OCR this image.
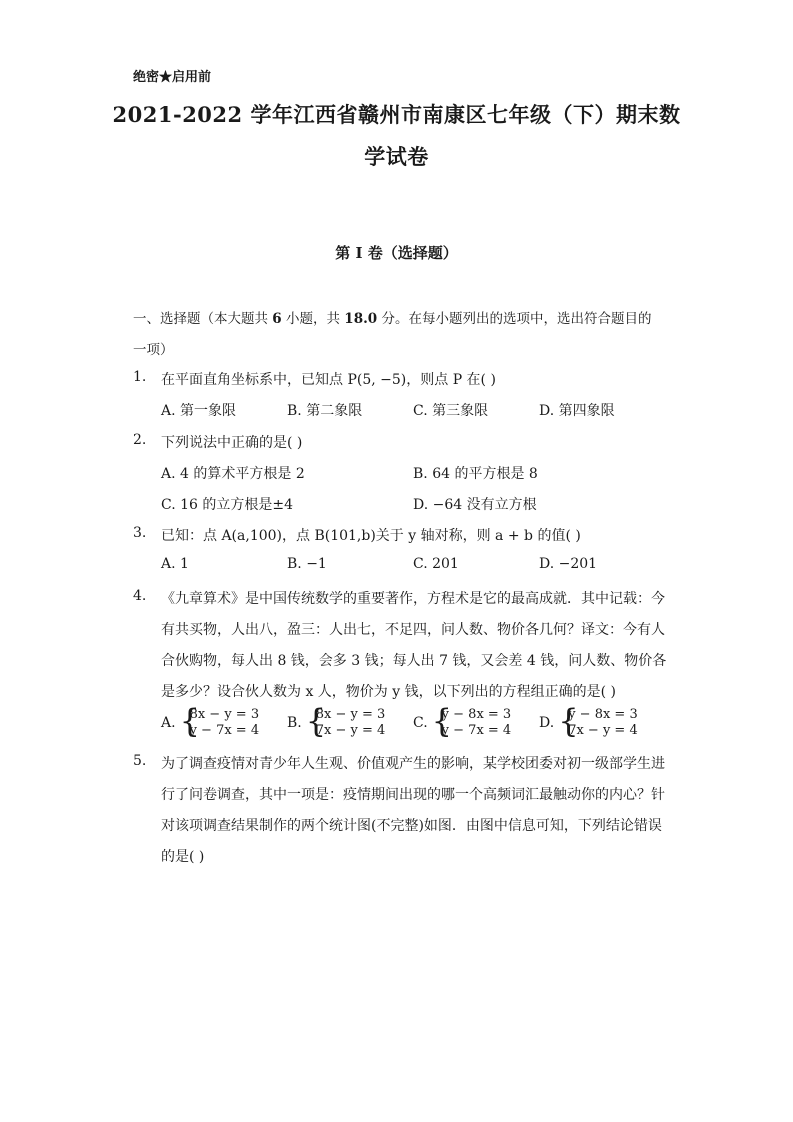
绝密★启用前
2021-2022 学年江西省赣州市南康区七年级（下）期末数
学试卷
第 I 卷（选择题）
一、选择题（本大题共 6 小题，共 18.0 分。在每小题列出的选项中，选出符合题目的
一项）
1. 在平面直角坐标系中，已知点 P(5, −5)，则点 P 在( )
A. 第一象限	B. 第二象限	C. 第三象限	D. 第四象限
2. 下列说法中正确的是( )
A. 4 的算术平方根是 2	B. 64 的平方根是 8
C. 16 的立方根是±4	D. −64 没有立方根
3. 已知：点 A(a,100)，点 B(101,b)关于 y 轴对称，则 a + b 的值( )
A. 1	B. −1	C. 201	D. −201
4. 《九章算术》是中国传统数学的重要著作，方程术是它的最高成就．其中记载：今
有共买物，人出八，盈三：人出七，不足四，问人数、物价各几何？译文：今有人
合伙购物，每人出 8 钱，会多 3 钱；每人出 7 钱，又会差 4 钱，问人数、物价各
是多少？设合伙人数为 x 人，物价为 y 钱，以下列出的方程组正确的是( )
A.
{ 8x − y = 3
y − 7x = 4 B.
{ 8x − y = 3
7x − y = 4 C.
{ y − 8x = 3
y − 7x = 4 D.
{ y − 8x = 3
7x − y = 4
5. 为了调查疫情对青少年人生观、价值观产生的影响，某学校团委对初一级部学生进
行了问卷调查，其中一项是：疫情期间出现的哪一个高频词汇最触动你的内心？针
对该项调查结果制作的两个统计图(不完整)如图．由图中信息可知，下列结论错误
的是( )
